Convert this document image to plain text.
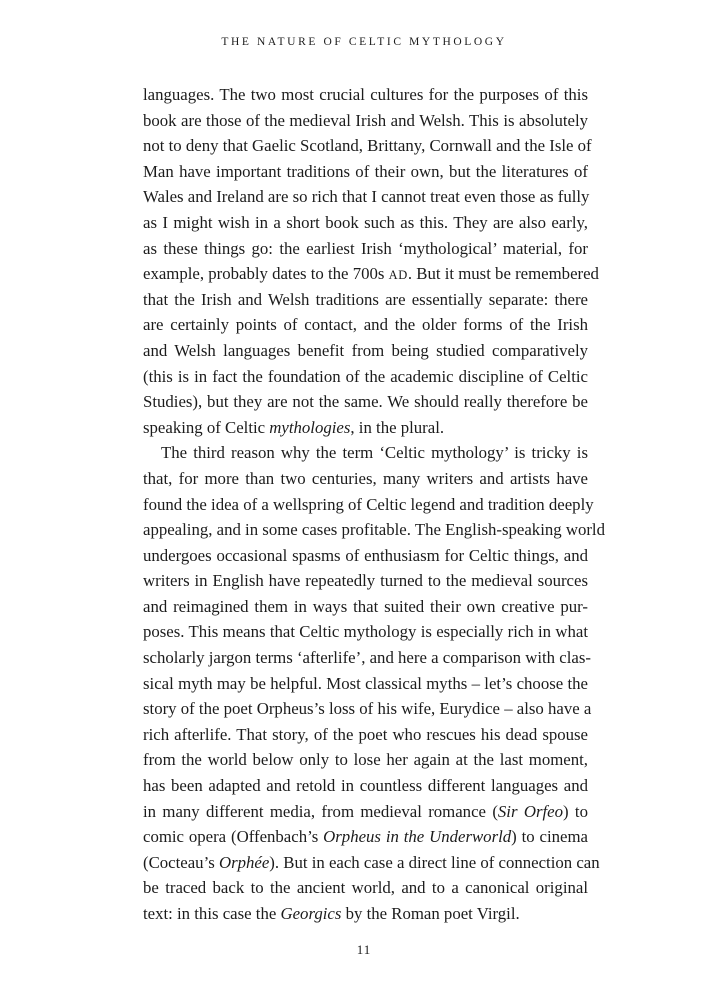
THE NATURE OF CELTIC MYTHOLOGY

languages. The two most crucial cultures for the purposes of this
book are those of the medieval Irish and Welsh. This is absolutely
not to deny that Gaelic Scotland, Brittany, Cornwall and the Isle of
Man have important traditions of their own, but the literatures of
Wales and Ireland are so rich that I cannot treat even those as fully
as I might wish in a short book such as this. They are also early,
as these things go: the earliest Irish ‘mythological’ material, for
example, probably dates to the 700s AD. But it must be remembered
that the Irish and Welsh traditions are essentially separate: there
are certainly points of contact, and the older forms of the Irish
and Welsh languages benefit from being studied comparatively
(this is in fact the foundation of the academic discipline of Celtic
Studies), but they are not the same. We should really therefore be
speaking of Celtic mythologies, in the plural.

The third reason why the term ‘Celtic mythology’ is tricky is
that, for more than two centuries, many writers and artists have
found the idea of a wellspring of Celtic legend and tradition deeply
appealing, and in some cases profitable. The English-speaking world
undergoes occasional spasms of enthusiasm for Celtic things, and
writers in English have repeatedly turned to the medieval sources
and reimagined them in ways that suited their own creative pur-
poses. This means that Celtic mythology is especially rich in what
scholarly jargon terms ‘afterlife’, and here a comparison with clas-
sical myth may be helpful. Most classical myths – let’s choose the
story of the poet Orpheus’s loss of his wife, Eurydice – also have a
rich afterlife. That story, of the poet who rescues his dead spouse
from the world below only to lose her again at the last moment,
has been adapted and retold in countless different languages and
in many different media, from medieval romance (Sir Orfeo) to
comic opera (Offenbach’s Orpheus in the Underworld) to cinema
(Cocteau’s Orphée). But in each case a direct line of connection can
be traced back to the ancient world, and to a canonical original
text: in this case the Georgics by the Roman poet Virgil.

11
